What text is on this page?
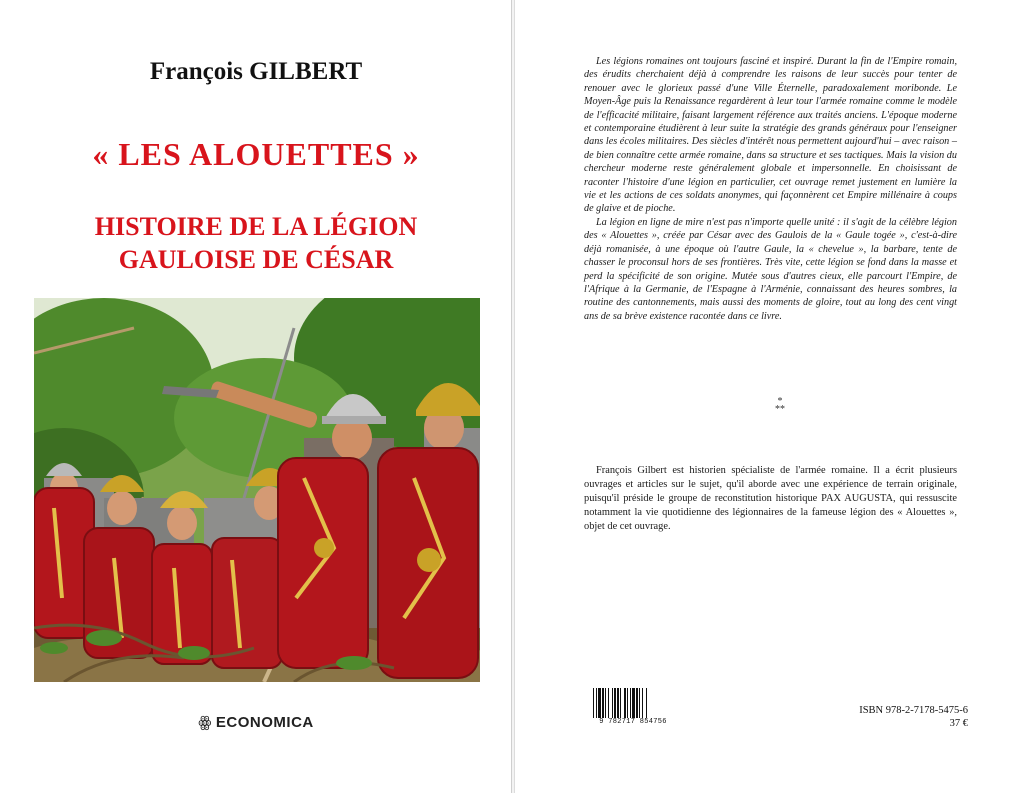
François GILBERT
« LES ALOUETTES »
HISTOIRE DE LA LÉGION
GAULOISE DE CÉSAR
ꙮ ECONOMICA

Les légions romaines ont toujours fasciné et inspiré. Durant la fin de l'Empire romain, des érudits cherchaient déjà à comprendre les raisons de leur succès pour tenter de renouer avec le glorieux passé d'une Ville Éternelle, paradoxalement moribonde. Le Moyen-Âge puis la Renaissance regardèrent à leur tour l'armée romaine comme le modèle de l'efficacité militaire, faisant largement référence aux traités anciens. L'époque moderne et contemporaine étudièrent à leur suite la stratégie des grands généraux pour l'enseigner dans les écoles militaires. Des siècles d'intérêt nous permettent aujourd'hui – avec raison – de bien connaître cette armée romaine, dans sa structure et ses tactiques. Mais la vision du chercheur moderne reste généralement globale et impersonnelle. En choisissant de raconter l'histoire d'une légion en particulier, cet ouvrage remet justement en lumière la vie et les actions de ces soldats anonymes, qui façonnèrent cet Empire millénaire à coups de glaive et de pioche.

La légion en ligne de mire n'est pas n'importe quelle unité : il s'agit de la célèbre légion des « Alouettes », créée par César avec des Gaulois de la « Gaule togée », c'est-à-dire déjà romanisée, à une époque où l'autre Gaule, la « chevelue », la barbare, tente de chasser le proconsul hors de ses frontières. Très vite, cette légion se fond dans la masse et perd la spécificité de son origine. Mutée sous d'autres cieux, elle parcourt l'Empire, de l'Afrique à la Germanie, de l'Espagne à l'Arménie, connaissant des heures sombres, la routine des cantonnements, mais aussi des moments de gloire, tout au long des cent vingt ans de sa brève existence racontée dans ce livre.

*
**

François Gilbert est historien spécialiste de l'armée romaine. Il a écrit plusieurs ouvrages et articles sur le sujet, qu'il aborde avec une expérience de terrain originale, puisqu'il préside le groupe de reconstitution historique PAX AUGUSTA, qui ressuscite notamment la vie quotidienne des légionnaires de la fameuse légion des « Alouettes », objet de cet ouvrage.

9 782717 854756
ISBN 978-2-7178-5475-6
37 €
